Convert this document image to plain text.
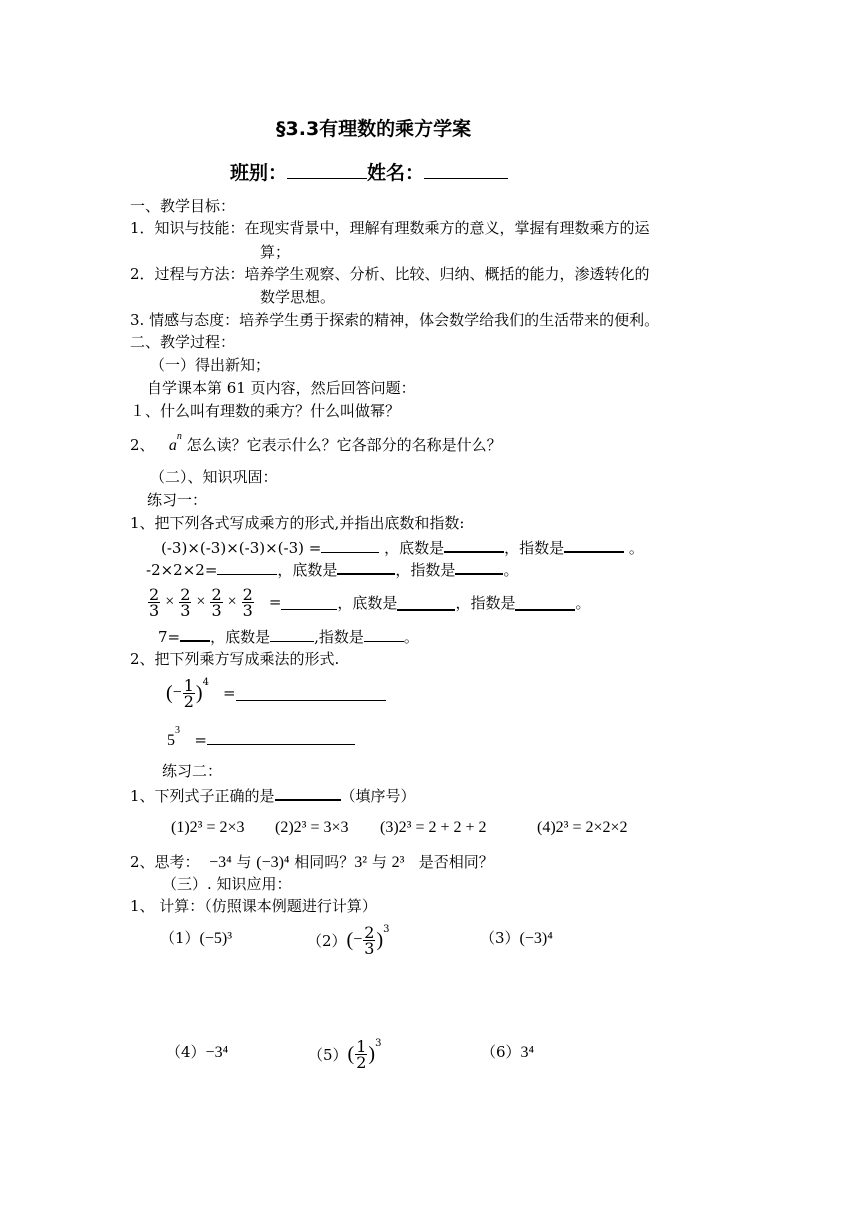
§3.3有理数的乘方学案
班别：	姓名：
一、教学目标：
1．知识与技能：在现实背景中，理解有理数乘方的意义，掌握有理数乘方的运
算；
2．过程与方法：培养学生观察、分析、比较、归纳、概括的能力，渗透转化的
数学思想。
3. 情感与态度：培养学生勇于探索的精神，体会数学给我们的生活带来的便利。
二、教学过程：
（一）得出新知；
自学课本第 61 页内容，然后回答问题：
１、什么叫有理数的乘方？什么叫做幂？
2、 $a^n$ 怎么读？它表示什么？它各部分的名称是什么？
（二）、知识巩固：
练习一：
1、把下列各式写成乘方的形式,并指出底数和指数:
(-3)×(-3)×(-3)×(-3) =	，底数是	，指数是	。
-2×2×2=	，底数是	，指数是	。
$\frac{2}{3} \times \frac{2}{3} \times \frac{2}{3} \times \frac{2}{3}$ =	，底数是	，指数是	。
7= ，底数是	,指数是	。
2、把下列乘方写成乘法的形式.
( − $\frac{1}{2} )^4$
=
$5^3$   =
练习二：
1、下列式子正确的是	（填序号）
(1)2³ = 2×3 (2)2³ = 3×3 (3)2³ = 2 + 2 + 2	(4)2³ = 2×2×2
2、思考： −3⁴ 与 (−3)⁴ 相同吗？3² 与 2³   是否相同？
（三）. 知识应用：
1、 计算：（仿照课本例题进行计算）
（1）(−5)³	（2） ( − $\frac{2}{3} )^3$	（3）(−3)⁴
（4）−3⁴	（5） ( $\frac{1}{2} )^3$	（6）3⁴
